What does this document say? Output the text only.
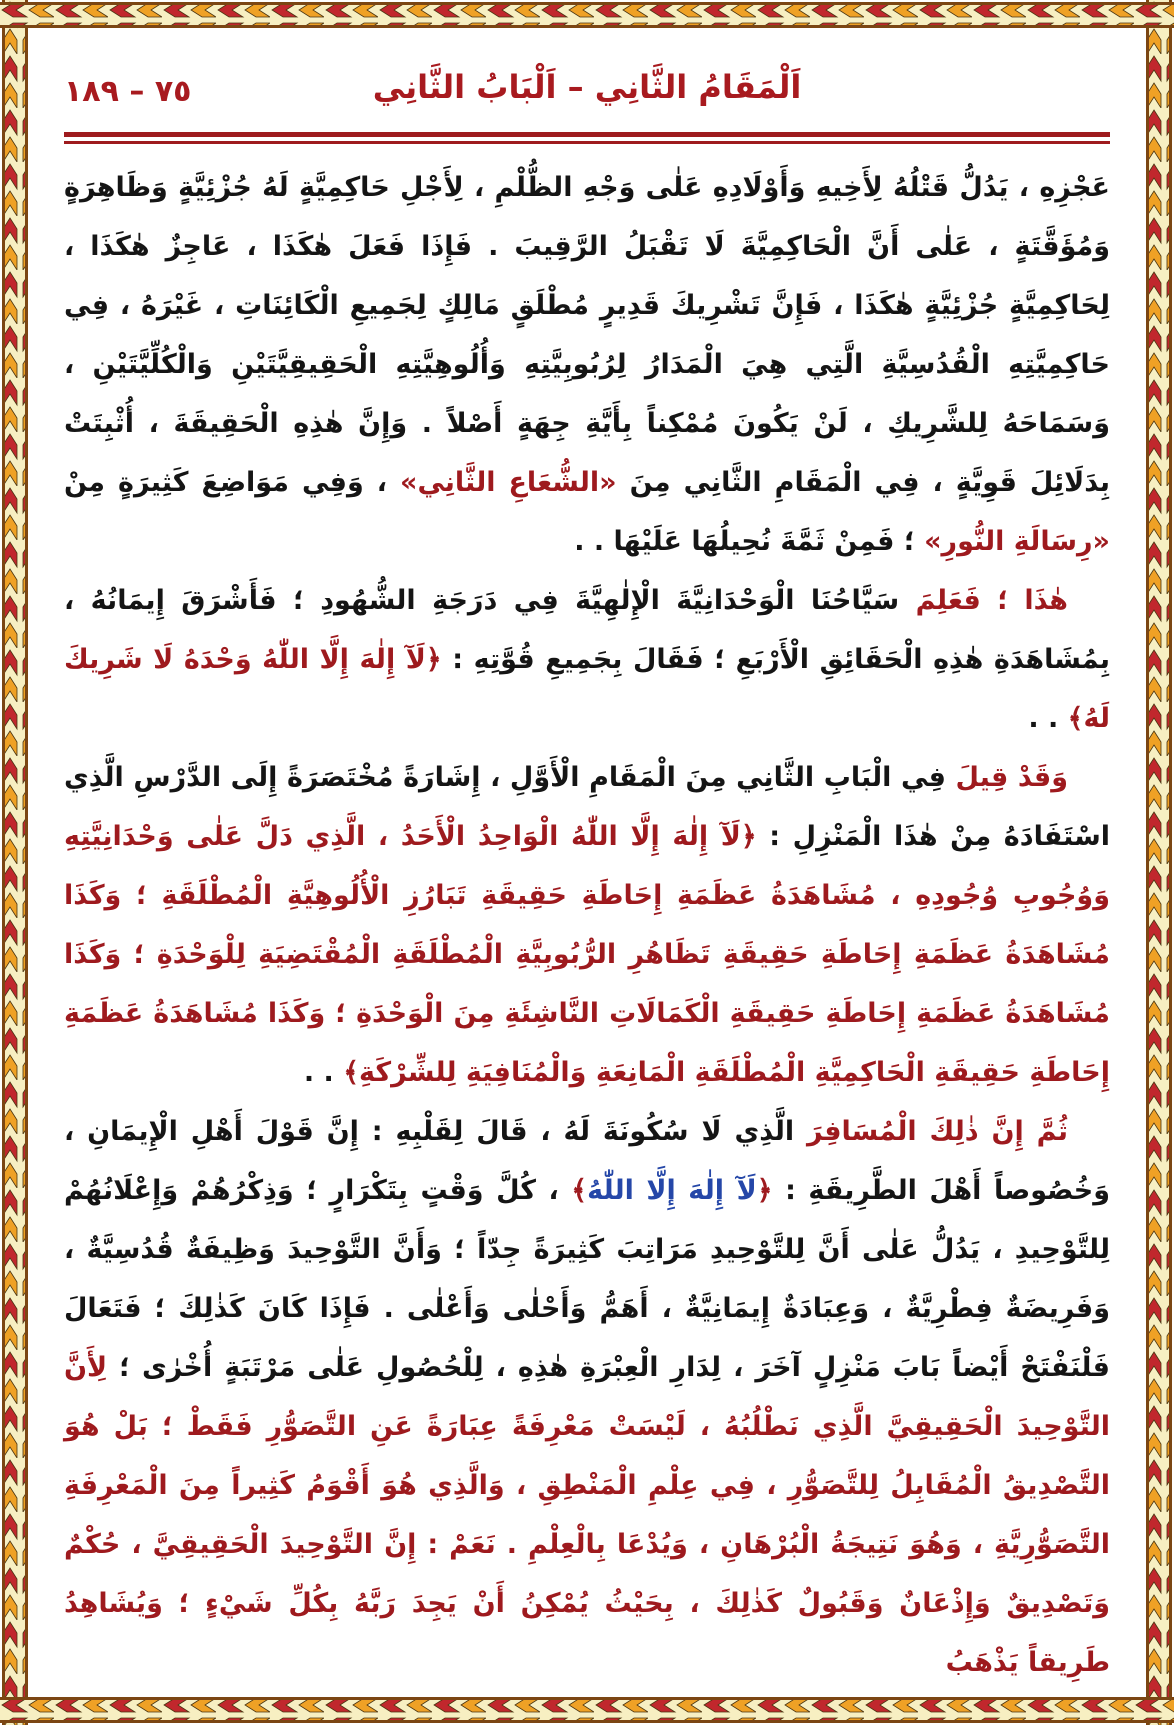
٧٥ – ١٨٩	اَلْمَقَامُ الثَّانِي – اَلْبَابُ الثَّانِي

عَجْزِهِ ، يَدُلُّ قَتْلُهُ لِأَخِيهِ وَأَوْلَادِهِ عَلٰى وَجْهِ الظُّلْمِ ، لِأَجْلِ حَاكِمِيَّةٍ لَهُ جُزْئِيَّةٍ وَظَاهِرَةٍ وَمُؤَقَّتَةٍ ، عَلٰى أَنَّ الْحَاكِمِيَّةَ لَا تَقْبَلُ الرَّقِيبَ . فَإِذَا فَعَلَ هٰكَذَا ، عَاجِزٌ هٰكَذَا ، لِحَاكِمِيَّةٍ جُزْئِيَّةٍ هٰكَذَا ، فَإِنَّ تَشْرِيكَ قَدِيرٍ مُطْلَقٍ مَالِكٍ لِجَمِيعِ الْكَائِنَاتِ ، غَيْرَهُ ، فِي حَاكِمِيَّتِهِ الْقُدُسِيَّةِ الَّتِي هِيَ الْمَدَارُ لِرُبُوبِيَّتِهِ وَأُلُوهِيَّتِهِ الْحَقِيقِيَّتَيْنِ وَالْكُلِّيَّتَيْنِ ، وَسَمَاحَهُ لِلشَّرِيكِ ، لَنْ يَكُونَ مُمْكِناً بِأَيَّةِ جِهَةٍ أَصْلاً . وَإِنَّ هٰذِهِ الْحَقِيقَةَ ، أُثْبِتَتْ بِدَلَائِلَ قَوِيَّةٍ ، فِي الْمَقَامِ الثَّانِي مِنَ «الشُّعَاعِ الثَّانِي» ، وَفِي مَوَاضِعَ كَثِيرَةٍ مِنْ «رِسَالَةِ النُّورِ» ؛ فَمِنْ ثَمَّةَ نُحِيلُهَا عَلَيْهَا . .

هٰذَا ؛ فَعَلِمَ سَيَّاحُنَا الْوَحْدَانِيَّةَ الْإِلٰهِيَّةَ فِي دَرَجَةِ الشُّهُودِ ؛ فَأَشْرَقَ إِيمَانُهُ ، بِمُشَاهَدَةِ هٰذِهِ الْحَقَائِقِ الْأَرْبَعِ ؛ فَقَالَ بِجَمِيعِ قُوَّتِهِ : ﴿لَآ إِلٰهَ إِلَّا اللّٰهُ وَحْدَهُ لَا شَرِيكَ لَهُ﴾ . .

وَقَدْ قِيلَ فِي الْبَابِ الثَّانِي مِنَ الْمَقَامِ الْأَوَّلِ ، إِشَارَةً مُخْتَصَرَةً إِلَى الدَّرْسِ الَّذِي اسْتَفَادَهُ مِنْ هٰذَا الْمَنْزِلِ : ﴿لَآ إِلٰهَ إِلَّا اللّٰهُ الْوَاحِدُ الْأَحَدُ ، الَّذِي دَلَّ عَلٰى وَحْدَانِيَّتِهِ وَوُجُوبِ وُجُودِهِ ، مُشَاهَدَةُ عَظَمَةِ إِحَاطَةِ حَقِيقَةِ تَبَارُزِ الْأُلُوهِيَّةِ الْمُطْلَقَةِ ؛ وَكَذَا مُشَاهَدَةُ عَظَمَةِ إِحَاطَةِ حَقِيقَةِ تَظَاهُرِ الرُّبُوبِيَّةِ الْمُطْلَقَةِ الْمُقْتَضِيَةِ لِلْوَحْدَةِ ؛ وَكَذَا مُشَاهَدَةُ عَظَمَةِ إِحَاطَةِ حَقِيقَةِ الْكَمَالَاتِ النَّاشِئَةِ مِنَ الْوَحْدَةِ ؛ وَكَذَا مُشَاهَدَةُ عَظَمَةِ إِحَاطَةِ حَقِيقَةِ الْحَاكِمِيَّةِ الْمُطْلَقَةِ الْمَانِعَةِ وَالْمُنَافِيَةِ لِلشِّرْكَةِ﴾ . .

ثُمَّ إِنَّ ذٰلِكَ الْمُسَافِرَ الَّذِي لَا سُكُونَةَ لَهُ ، قَالَ لِقَلْبِهِ : إِنَّ قَوْلَ أَهْلِ الْإِيمَانِ ، وَخُصُوصاً أَهْلَ الطَّرِيقَةِ : ﴿لَآ إِلٰهَ إِلَّا اللّٰهُ﴾ ، كُلَّ وَقْتٍ بِتَكْرَارٍ ؛ وَذِكْرُهُمْ وَإِعْلَانُهُمْ لِلتَّوْحِيدِ ، يَدُلُّ عَلٰى أَنَّ لِلتَّوْحِيدِ مَرَاتِبَ كَثِيرَةً جِدّاً ؛ وَأَنَّ التَّوْحِيدَ وَظِيفَةٌ قُدُسِيَّةٌ ، وَفَرِيضَةٌ فِطْرِيَّةٌ ، وَعِبَادَةٌ إِيمَانِيَّةٌ ، أَهَمُّ وَأَحْلٰى وَأَعْلٰى . فَإِذَا كَانَ كَذٰلِكَ ؛ فَتَعَالَ فَلْنَفْتَحْ أَيْضاً بَابَ مَنْزِلٍ آخَرَ ، لِدَارِ الْعِبْرَةِ هٰذِهِ ، لِلْحُصُولِ عَلٰى مَرْتَبَةٍ أُخْرٰى ؛ لِأَنَّ التَّوْحِيدَ الْحَقِيقِيَّ الَّذِي نَطْلُبُهُ ، لَيْسَتْ مَعْرِفَةً عِبَارَةً عَنِ التَّصَوُّرِ فَقَطْ ؛ بَلْ هُوَ التَّصْدِيقُ الْمُقَابِلُ لِلتَّصَوُّرِ ، فِي عِلْمِ الْمَنْطِقِ ، وَالَّذِي هُوَ أَقْوَمُ كَثِيراً مِنَ الْمَعْرِفَةِ التَّصَوُّرِيَّةِ ، وَهُوَ نَتِيجَةُ الْبُرْهَانِ ، وَيُدْعَا بِالْعِلْمِ . نَعَمْ : إِنَّ التَّوْحِيدَ الْحَقِيقِيَّ ، حُكْمٌ وَتَصْدِيقٌ وَإِذْعَانٌ وَقَبُولٌ كَذٰلِكَ ، بِحَيْثُ يُمْكِنُ أَنْ يَجِدَ رَبَّهُ بِكُلِّ شَيْءٍ ؛ وَيُشَاهِدُ طَرِيقاً يَذْهَبُ
